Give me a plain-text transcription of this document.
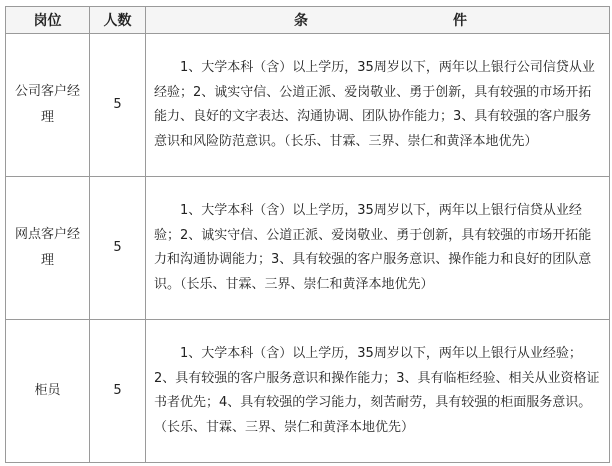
岗位	人数	条 件

公司客户经
理	5	1、大学本科（含）以上学历，35周岁以下，两年以上银行公司信贷从业经验；2、诚实守信、公道正派、爱岗敬业、勇于创新，具有较强的市场开拓能力、良好的文字表达、沟通协调、团队协作能力；3、具有较强的客户服务意识和风险防范意识。（长乐、甘霖、三界、崇仁和黄泽本地优先）
网点客户经
理	5	1、大学本科（含）以上学历，35周岁以下，两年以上银行信贷从业经验；2、诚实守信、公道正派、爱岗敬业、勇于创新，具有较强的市场开拓能力和沟通协调能力；3、具有较强的客户服务意识、操作能力和良好的团队意识。（长乐、甘霖、三界、崇仁和黄泽本地优先）
柜员	5	1、大学本科（含）以上学历，35周岁以下，两年以上银行从业经验；2、具有较强的客户服务意识和操作能力；3、具有临柜经验、相关从业资格证书者优先；4、具有较强的学习能力，刻苦耐劳，具有较强的柜面服务意识。（长乐、甘霖、三界、崇仁和黄泽本地优先）
